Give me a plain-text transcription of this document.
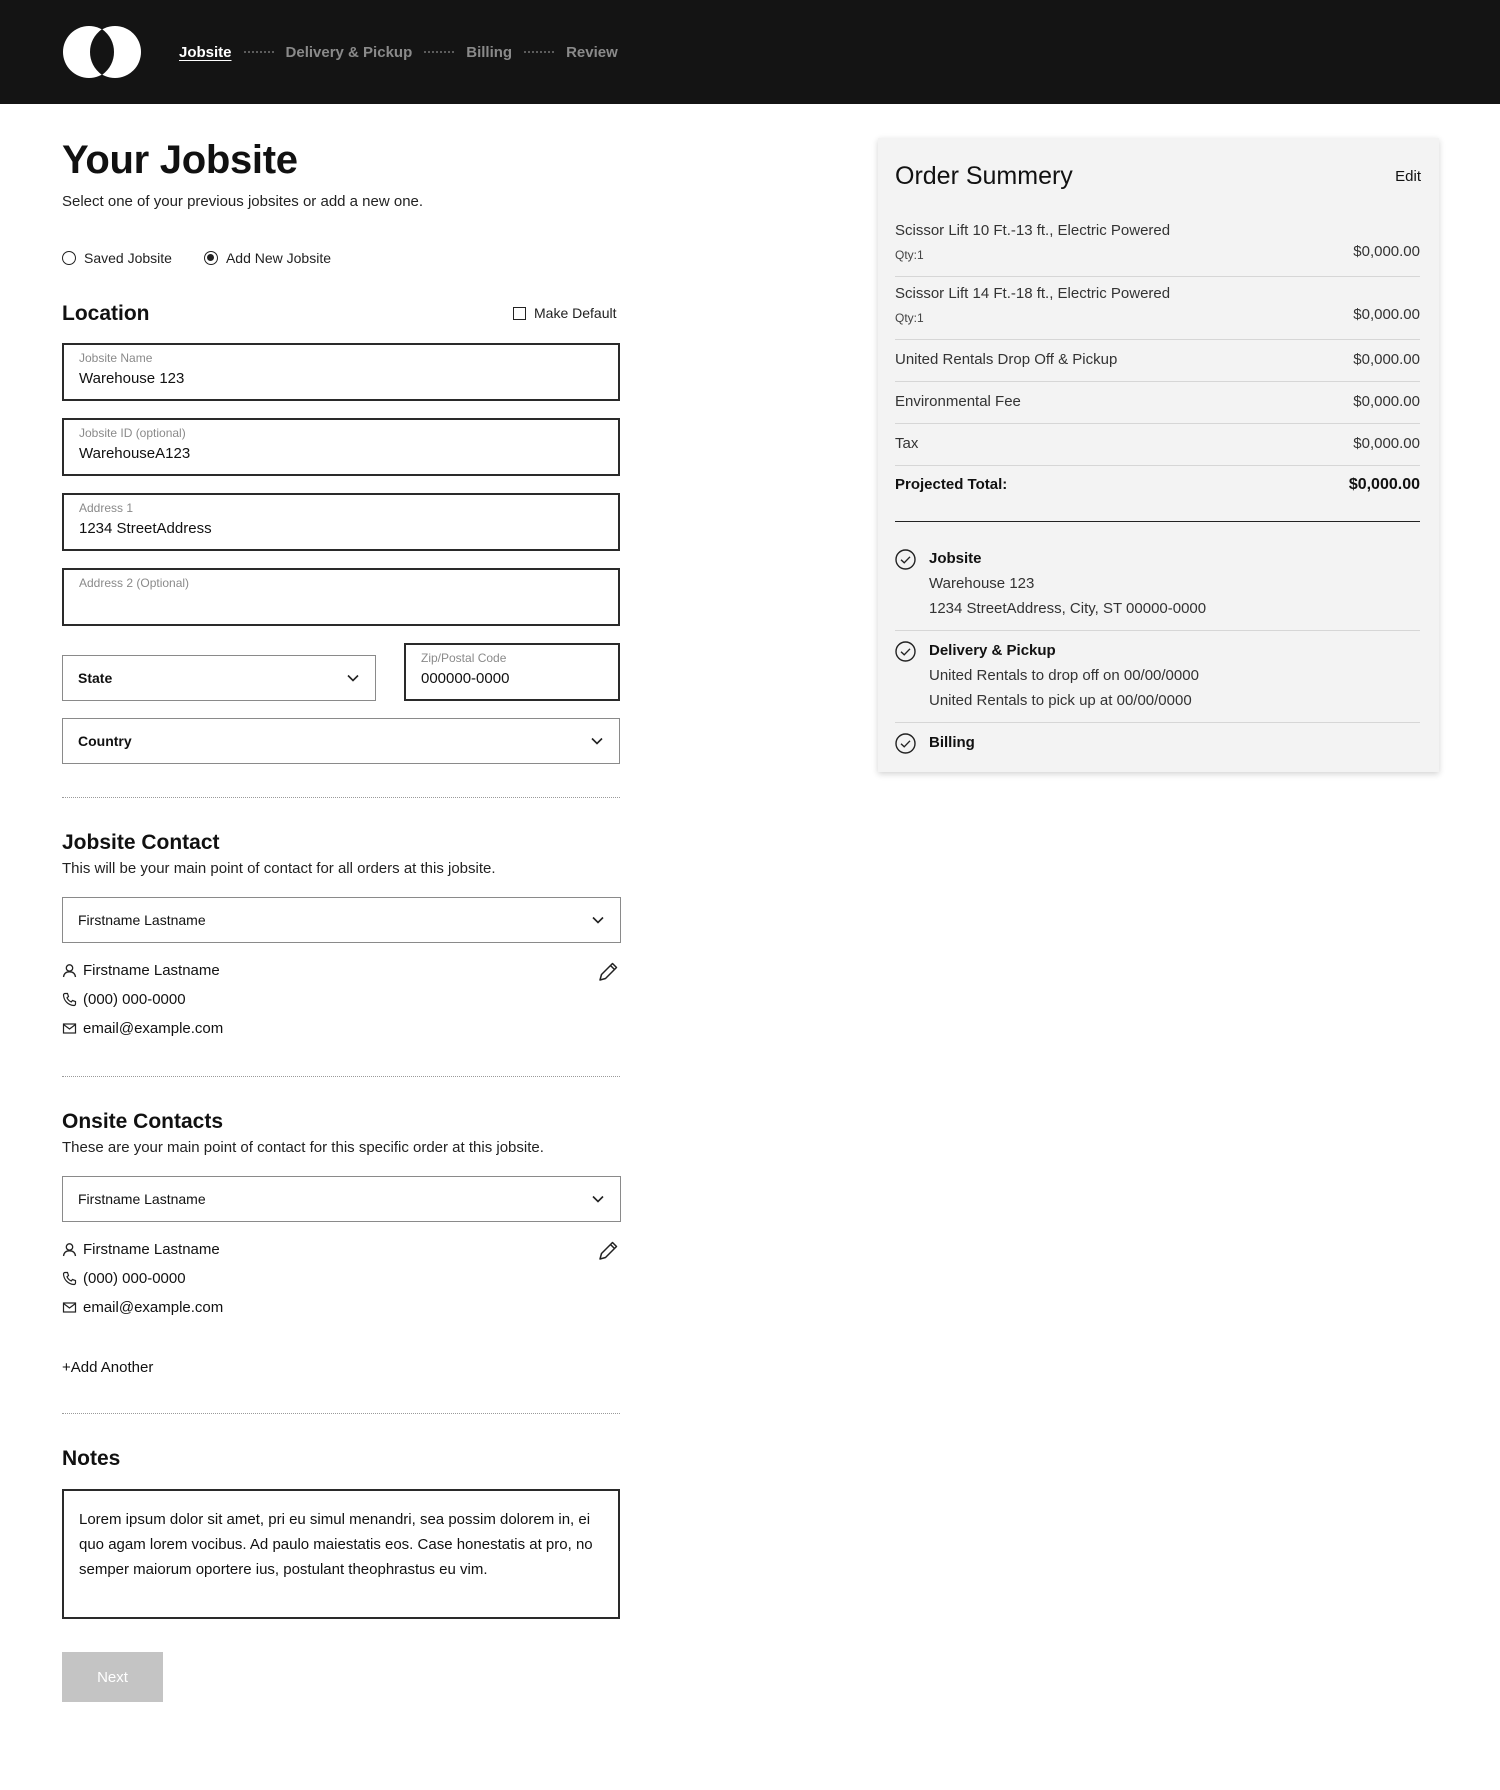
Jobsite	Delivery & Pickup	Billing	Review
Your Jobsite

Select one of your previous jobsites or add a new one.

Saved Jobsite	Add New Jobsite
Location	Make Default
Jobsite Name
Warehouse 123
Jobsite ID (optional)
WarehouseA123
Address 1
1234 StreetAddress
Address 2 (Optional)
State
Zip/Postal Code
000000-0000
Country
Jobsite Contact

This will be your main point of contact for all orders at this jobsite.

Firstname Lastname
Firstname Lastname
(000) 000-0000
email@example.com
Onsite Contacts

These are your main point of contact for this specific order at this jobsite.

Firstname Lastname
Firstname Lastname
(000) 000-0000
email@example.com
+Add Another
Notes
Lorem ipsum dolor sit amet, pri eu simul menandri, sea possim dolorem in, ei quo agam lorem vocibus. Ad paulo maiestatis eos. Case honestatis at pro, no semper maiorum oportere ius, postulant theophrastus eu vim.
Next
Order Summery	Edit
Scissor Lift 10 Ft.-13 ft., Electric Powered
Qty:1	$0,000.00
Scissor Lift 14 Ft.-18 ft., Electric Powered
Qty:1	$0,000.00
United Rentals Drop Off & Pickup	$0,000.00
Environmental Fee	$0,000.00
Tax	$0,000.00
Projected Total:	$0,000.00
Jobsite
Warehouse 123
1234 StreetAddress, City, ST 00000-0000
Delivery & Pickup
United Rentals to drop off on 00/00/0000
United Rentals to pick up at 00/00/0000
Billing
